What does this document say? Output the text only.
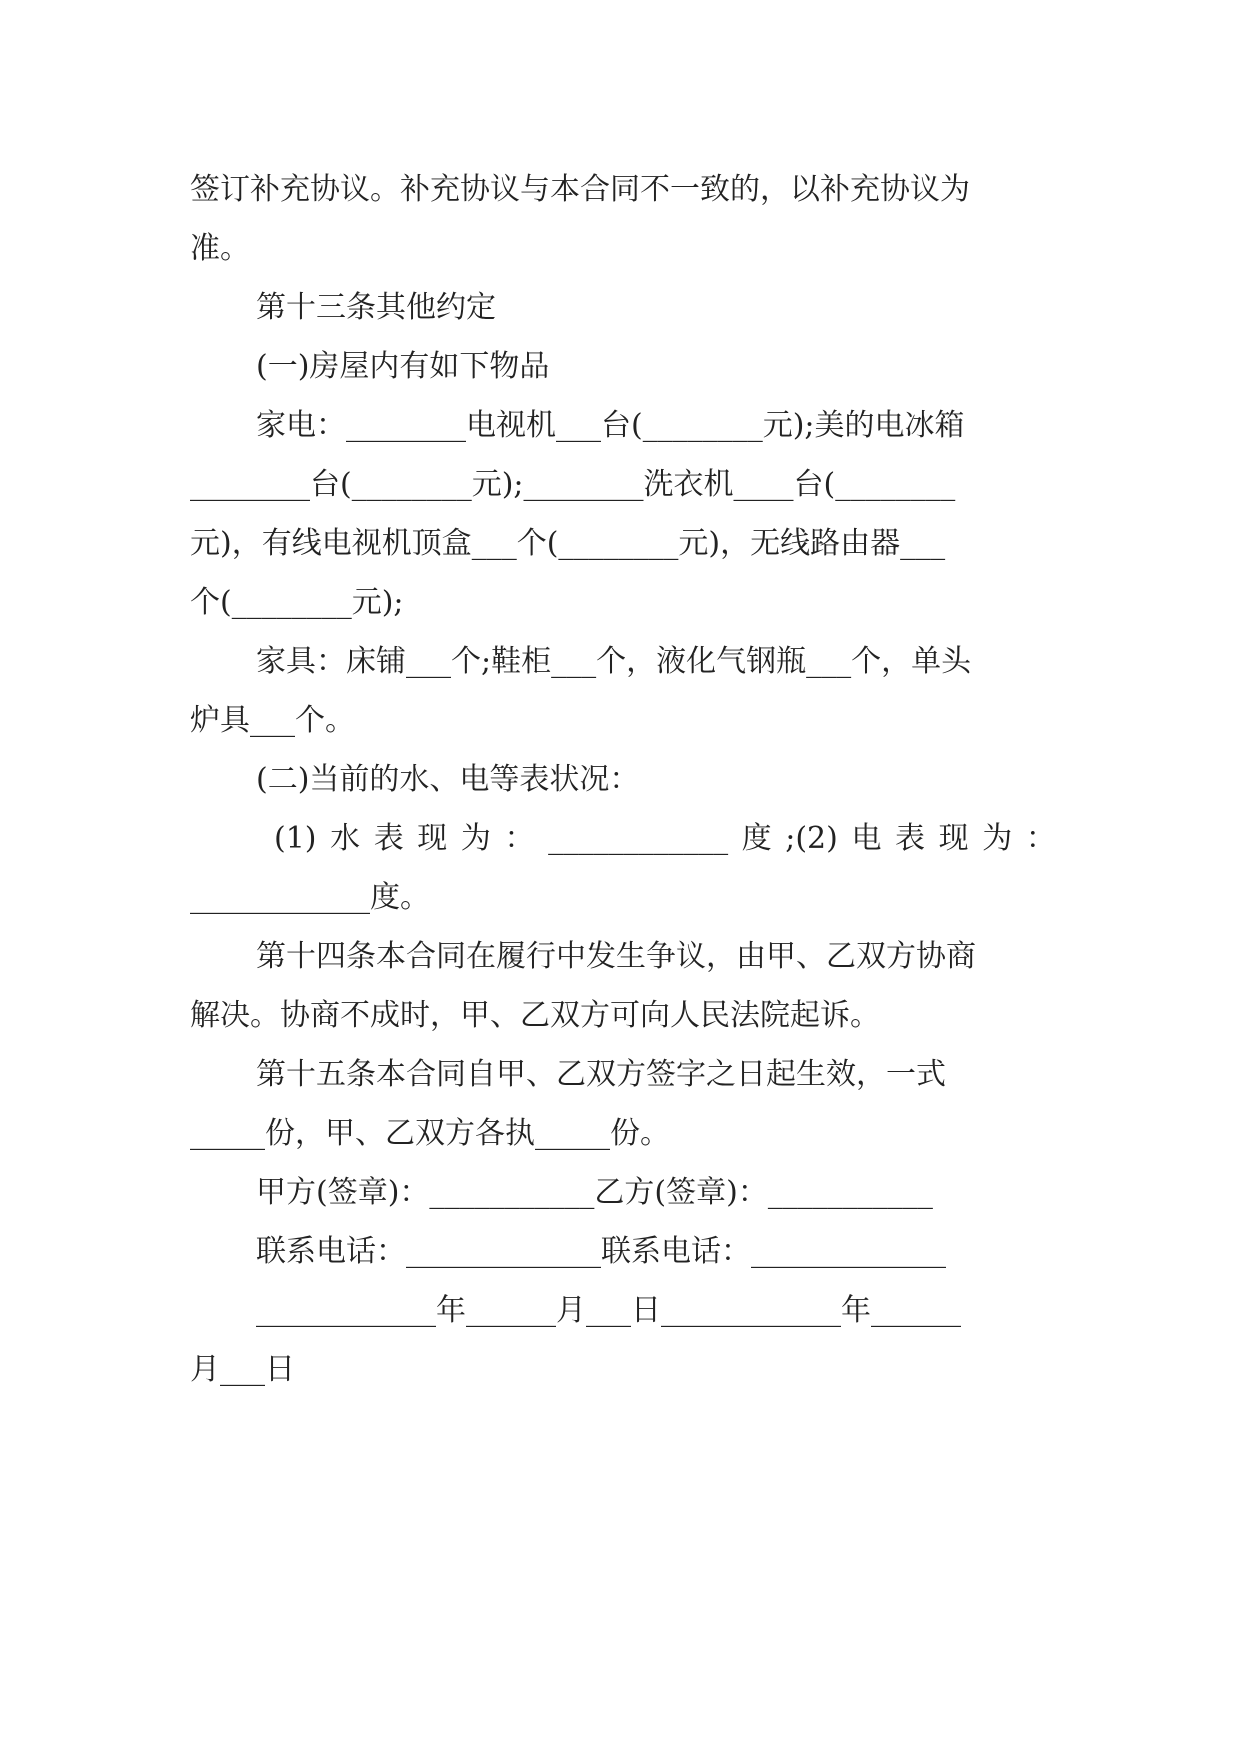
签订补充协议。补充协议与本合同不一致的，以补充协议为

准。

第十三条其他约定

(一)房屋内有如下物品

家电：________电视机___台(________元);美的电冰箱

________台(________元);________洗衣机____台(________

元)，有线电视机顶盒___个(________元)，无线路由器___

个(________元);

家具：床铺___个;鞋柜___个，液化气钢瓶___个，单头

炉具___个。

(二)当前的水、电等表状况：

(1) 水 表 现 为 ： ____________ 度 ;(2) 电 表 现 为 ：

____________度。

第十四条本合同在履行中发生争议，由甲、乙双方协商

解决。协商不成时，甲、乙双方可向人民法院起诉。

第十五条本合同自甲、乙双方签字之日起生效，一式

_____份，甲、乙双方各执_____份。

甲方(签章)：___________乙方(签章)：___________

联系电话：_____________联系电话：_____________

____________年______月___日____________年______

月___日
